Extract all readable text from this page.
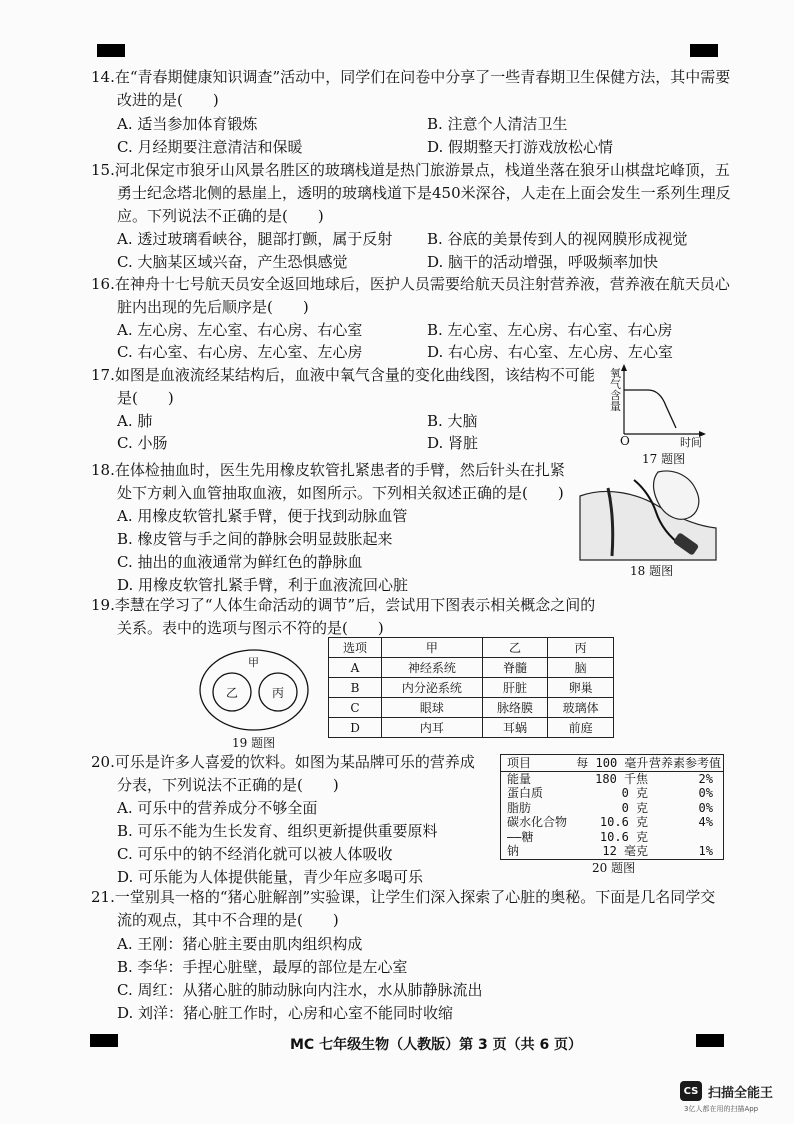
14.在“青春期健康知识调查”活动中，同学们在问卷中分享了一些青春期卫生保健方法，其中需要
改进的是(　　)
A. 适当参加体育锻炼	B. 注意个人清洁卫生
C. 月经期要注意清洁和保暖	D. 假期整天打游戏放松心情
15.河北保定市狼牙山风景名胜区的玻璃栈道是热门旅游景点，栈道坐落在狼牙山棋盘坨峰顶，五
勇士纪念塔北侧的悬崖上，透明的玻璃栈道下是450米深谷，人走在上面会发生一系列生理反
应。下列说法不正确的是(　　)
A. 透过玻璃看峡谷，腿部打颤，属于反射 B. 谷底的美景传到人的视网膜形成视觉
C. 大脑某区域兴奋，产生恐惧感觉	D. 脑干的活动增强，呼吸频率加快
16.在神舟十七号航天员安全返回地球后，医护人员需要给航天员注射营养液，营养液在航天员心
脏内出现的先后顺序是(　　)
A. 左心房、左心室、右心房、右心室	B. 左心室、左心房、右心室、右心房
C. 右心室、右心房、左心室、左心房	D. 右心房、右心室、左心房、左心室
17.如图是血液流经某结构后，血液中氧气含量的变化曲线图，该结构不可能
是(　　)
A. 肺	B. 大脑
C. 小肠	D. 肾脏
氧气含量
O	时间
17 题图
18.在体检抽血时，医生先用橡皮软管扎紧患者的手臂，然后针头在扎紧
处下方刺入血管抽取血液，如图所示。下列相关叙述正确的是(　　)
A. 用橡皮软管扎紧手臂，便于找到动脉血管
B. 橡皮管与手之间的静脉会明显鼓胀起来
C. 抽出的血液通常为鲜红色的静脉血
D. 用橡皮软管扎紧手臂，利于血液流回心脏
18 题图
19.李慧在学习了“人体生命活动的调节”后，尝试用下图表示相关概念之间的
关系。表中的选项与图示不符的是(　　)
甲
乙	丙
19 题图
选项	甲	乙	丙
A	神经系统	脊髓	脑
B	内分泌系统	肝脏	卵巢
C	眼球	脉络膜	玻璃体
D	内耳	耳蜗	前庭
20.可乐是许多人喜爱的饮料。如图为某品牌可乐的营养成
分表，下列说法不正确的是(　　)
A. 可乐中的营养成分不够全面
B. 可乐不能为生长发育、组织更新提供重要原料
C. 可乐中的钠不经消化就可以被人体吸收
D. 可乐能为人体提供能量，青少年应多喝可乐
项目	每 100 毫升 营养素参考值
能量	180 千焦	2%
蛋白质	0 克	0%
脂肪	0 克	0%
碳水化合物	10.6 克	4%
——糖	10.6 克
钠	12 毫克	1%
20 题图
21.一堂别具一格的“猪心脏解剖”实验课，让学生们深入探索了心脏的奥秘。下面是几名同学交
流的观点，其中不合理的是(　　)
A. 王刚：猪心脏主要由肌肉组织构成
B. 李华：手捏心脏壁，最厚的部位是左心室
C. 周红：从猪心脏的肺动脉向内注水，水从肺静脉流出
D. 刘洋：猪心脏工作时，心房和心室不能同时收缩
MC 七年级生物（人教版）第 3 页（共 6 页）
CS 扫描全能王
3亿人都在用的扫描App
